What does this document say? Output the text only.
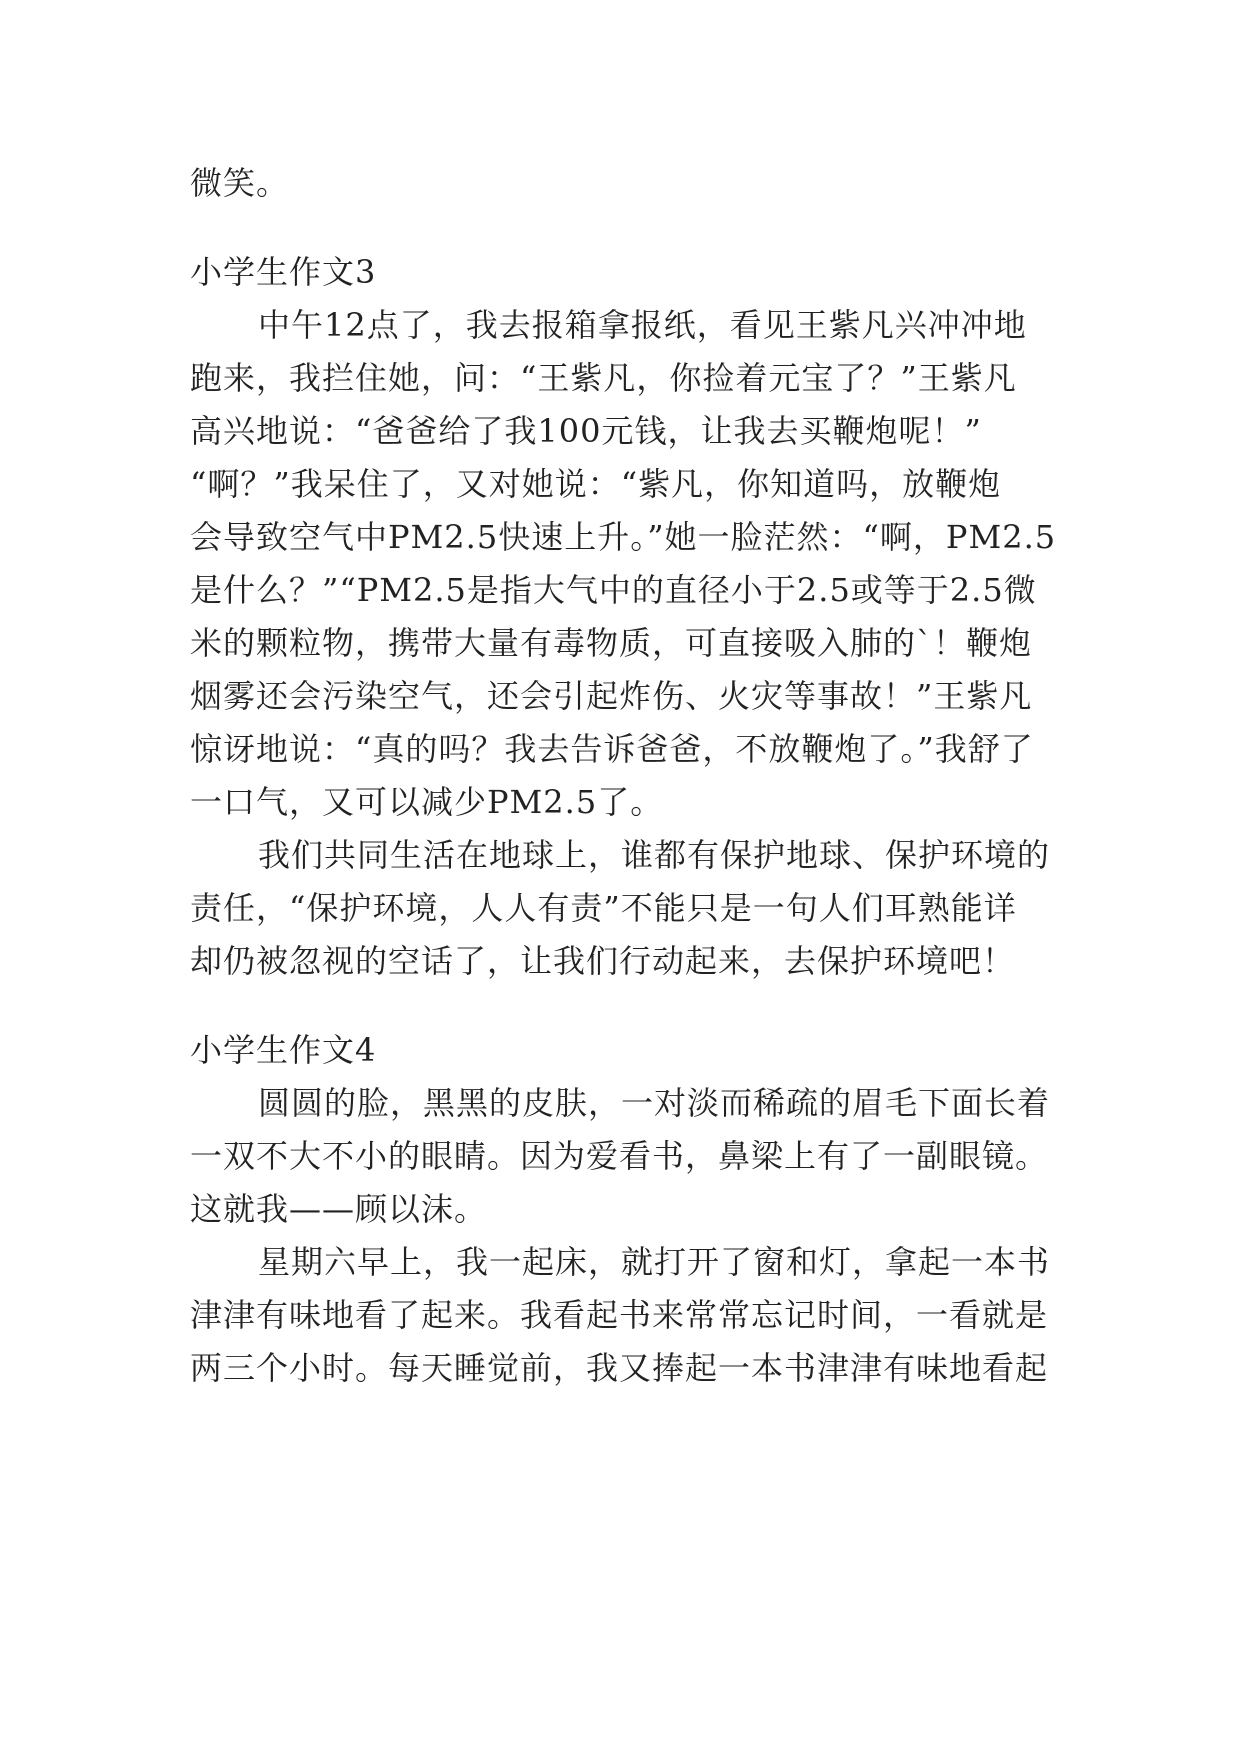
微笑。
小学生作文3
中午12点了，我去报箱拿报纸，看见王紫凡兴冲冲地
跑来，我拦住她，问：“王紫凡，你捡着元宝了？”王紫凡
高兴地说：“爸爸给了我100元钱，让我去买鞭炮呢！”
“啊？”我呆住了，又对她说：“紫凡，你知道吗，放鞭炮
会导致空气中PM2.5快速上升。”她一脸茫然：“啊，PM2.5
是什么？”“PM2.5是指大气中的直径小于2.5或等于2.5微
米的颗粒物，携带大量有毒物质，可直接吸入肺的`！鞭炮
烟雾还会污染空气，还会引起炸伤、火灾等事故！”王紫凡
惊讶地说：“真的吗？我去告诉爸爸，不放鞭炮了。”我舒了
一口气，又可以减少PM2.5了。
我们共同生活在地球上，谁都有保护地球、保护环境的
责任，“保护环境，人人有责”不能只是一句人们耳熟能详
却仍被忽视的空话了，让我们行动起来，去保护环境吧！
小学生作文4
圆圆的脸，黑黑的皮肤，一对淡而稀疏的眉毛下面长着
一双不大不小的眼睛。因为爱看书，鼻梁上有了一副眼镜。
这就我——顾以沫。
星期六早上，我一起床，就打开了窗和灯，拿起一本书
津津有味地看了起来。我看起书来常常忘记时间，一看就是
两三个小时。每天睡觉前，我又捧起一本书津津有味地看起
